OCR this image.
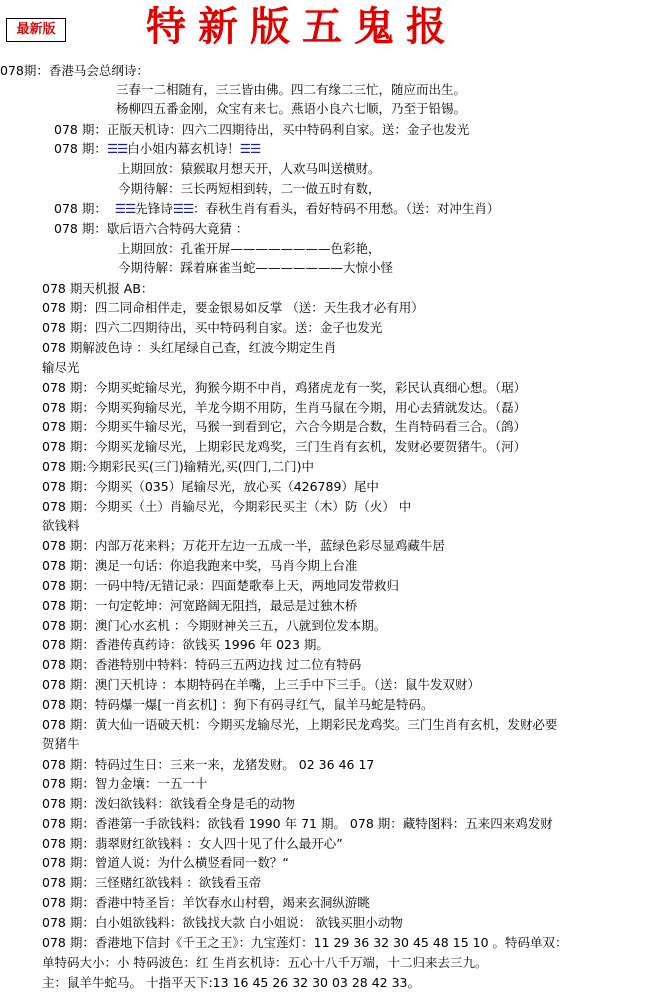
最新版 特新版五鬼报
078期：香港马会总纲诗：
三春一二相随有，三三皆由佛。四二有缘二三忙，随应而出生。
杨柳四五番金刚，众宝有来七。燕语小良六七顺，乃至于铅锡。
078 期：正版天机诗：四六二四期待出，买中特码利自家。送：金子也发光
078 期：☰☰白小姐内幕玄机诗！☰☰
上期回放：猿猴取月想天开，人欢马叫送横财。
今期待解：三长两短相到转，二一做五时有数，
078 期： ☰☰先锋诗☰☰：春秋生肖有看头，看好特码不用愁。（送：对冲生肖）
078 期：歇后语六合特码大竟猜 ：
上期回放：孔雀开屏————————色彩艳，
今期待解：踩着麻雀当蛇———————大惊小怪
078 期天机报 AB：
078 期：四二同命相伴走，要金银易如反掌 （送：天生我才必有用）
078 期：四六二四期待出，买中特码利自家。送：金子也发光
078 期解波色诗 ：头红尾绿自己查，红波今期定生肖
输尽光
078 期：今期买蛇输尽光，狗猴今期不中肖，鸡猪虎龙有一奖，彩民认真细心想。（琚）
078 期：今期买狗输尽光，羊龙今期不用防，生肖马鼠在今期，用心去猜就发达。（磊）
078 期：今期买牛输尽光，马猴一到看到它，六合今期是合数，生肖特码看三合。（鸽）
078 期：今期买龙输尽光，上期彩民龙鸡奖，三门生肖有玄机，发财必要贺猪牛。（河）
078 期:今期彩民买(三门)输精光,买(四门,二门)中
078 期：今期买（035）尾输尽光，放心买（426789）尾中
078 期：今期买（土）肖输尽光，今期彩民买主（木）防（火） 中
欲钱料
078 期：内部万花来料；万花开左边一五成一半，蓝绿色彩尽显鸡藏牛居
078 期：澳足一句话：你追我跑来中奖，马肖今期上台准
078 期：一码中特/无错记录：四面楚歌奉上天，两地同发带救归
078 期：一句定乾坤：河宽路阔无阻挡，最忌是过独木桥
078 期：澳门心水玄机 ：今期财神关三五，八就到位发本期。
078 期：香港传真药诗：欲钱买 1996 年 023 期。
078 期：香港特别中特料：特码三五两边找 过二位有特码
078 期：澳门天机诗 ：本期特码在羊嘴，上三手中下三手。（送：鼠牛发双财）
078 期：特码爆一爆[一肖玄机] ：狗下有码寻红气，鼠羊马蛇是特码。
078 期：黄大仙一语破天机：今期买龙输尽光，上期彩民龙鸡奖。三门生肖有玄机，发财必要
贺猪牛
078 期：特码过生日：三来一来，龙猪发财。 02 36 46 17
078 期：智力金壤：一五一十
078 期：泼妇欲钱料：欲钱看全身是毛的动物
078 期：香港第一手欲钱料：欲钱看 1990 年 71 期。 078 期：藏特图料：五来四来鸡发财
078 期：翡翠财红欲钱料 ：女人四十见了什么最开心”
078 期：曾道人说：为什么横竖看同一数？“
078 期：三怪赌红欲钱料 ：欲钱看玉帝
078 期：香港中特圣旨：羊饮春水山村碧，竭来玄洞纵游眺
078 期：白小姐欲钱料：欲钱找大款 白小姐说： 欲钱买胆小动物
078 期：香港地下信封《千王之王》：九宝莲灯：11 29 36 32 30 45 48 15 10 。特码单双：
单特码大小：小 特码波色：红 生肖玄机诗：五心十八千万端，十二归来去三九。
主：鼠羊牛蛇马。 十指平天下:13 16 45 26 32 30 03 28 42 33。
